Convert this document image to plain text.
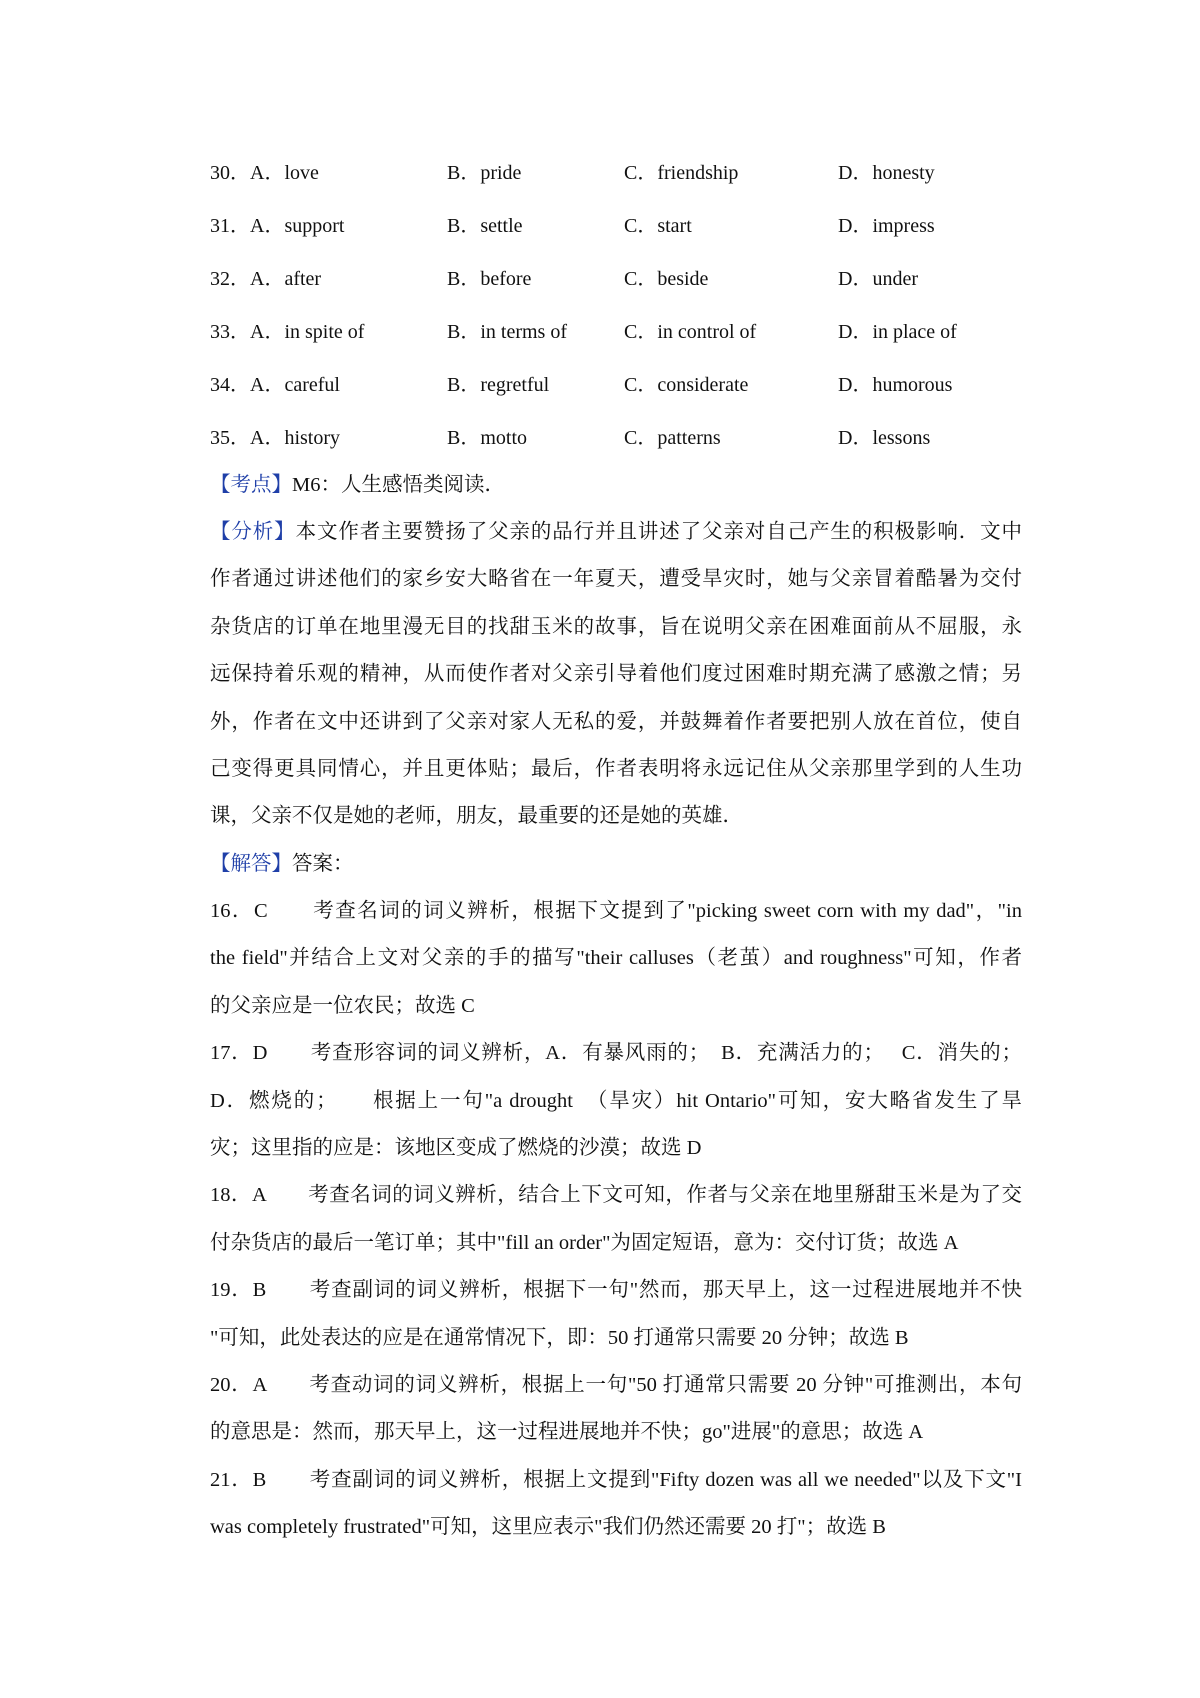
30．A．love	B．pride	C．friendship	D．honesty
31．A．support	B．settle	C．start	D．impress
32．A．after	B．before	C．beside	D．under
33．A．in spite of	B．in terms of	C．in control of	D．in place of
34．A．careful	B．regretful	C．considerate	D．humorous
35．A．history	B．motto	C．patterns	D．lessons
【考点】M6：人生感悟类阅读．
【分析】本文作者主要赞扬了父亲的品行并且讲述了父亲对自己产生的积极影响．文中
作者通过讲述他们的家乡安大略省在一年夏天，遭受旱灾时，她与父亲冒着酷暑为交付
杂货店的订单在地里漫无目的找甜玉米的故事，旨在说明父亲在困难面前从不屈服，永
远保持着乐观的精神，从而使作者对父亲引导着他们度过困难时期充满了感激之情；另
外，作者在文中还讲到了父亲对家人无私的爱，并鼓舞着作者要把别人放在首位，使自
己变得更具同情心，并且更体贴；最后，作者表明将永远记住从父亲那里学到的人生功
课，父亲不仅是她的老师，朋友，最重要的还是她的英雄．
【解答】答案：
16．C　　考查名词的词义辨析，根据下文提到了"picking sweet corn with my dad"，"in
the field"并结合上文对父亲的手的描写"their calluses（老茧）and roughness"可知，作者
的父亲应是一位农民；故选 C
17．D　　考查形容词的词义辨析，A．有暴风雨的；　B．充满活力的；　 C．消失的；
D．燃烧的；　　根据上一句"a drought　（旱灾）hit Ontario"可知，安大略省发生了旱
灾；这里指的应是：该地区变成了燃烧的沙漠；故选 D
18．A　　考查名词的词义辨析，结合上下文可知，作者与父亲在地里掰甜玉米是为了交
付杂货店的最后一笔订单；其中"fill an order"为固定短语，意为：交付订货；故选 A
19．B　　考查副词的词义辨析，根据下一句"然而，那天早上，这一过程进展地并不快
"可知，此处表达的应是在通常情况下，即：50 打通常只需要 20 分钟；故选 B
20．A　　考查动词的词义辨析，根据上一句"50 打通常只需要 20 分钟"可推测出，本句
的意思是：然而，那天早上，这一过程进展地并不快；go"进展"的意思；故选 A
21．B　　考查副词的词义辨析，根据上文提到"Fifty dozen was all we needed"以及下文"I
was completely frustrated"可知，这里应表示"我们仍然还需要 20 打"；故选 B
